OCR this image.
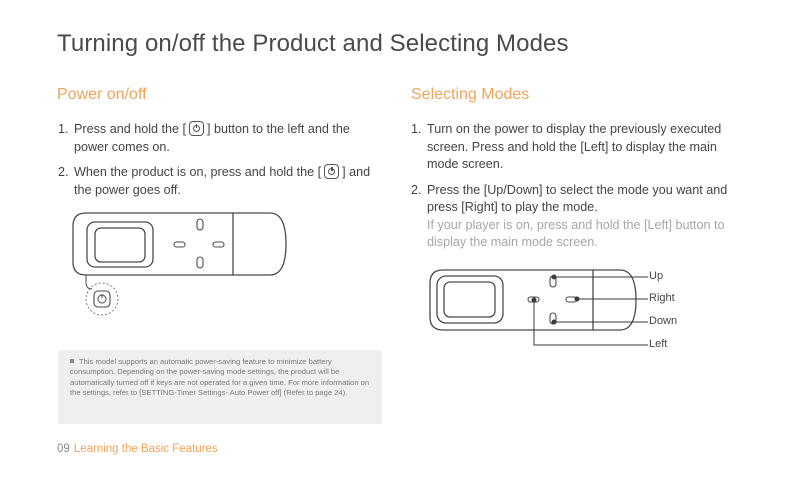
Turning on/off the Product and Selecting Modes
Power on/off	Selecting Modes
1. Press and hold the [ ] button to the left and the power comes on.
2. When the product is on, press and hold the [ ] and the power goes off.
1. Turn on the power to display the previously executed screen. Press and hold the [Left] to display the main mode screen.
2. Press the [Up/Down] to select the mode you want and press [Right] to play the mode.
If your player is on, press and hold the [Left] button to display the main mode screen.
Up
Right
Down
Left
This model supports an automatic power-saving feature to minimize battery consumption. Depending on the power-saving mode settings, the product will be automatically turned off if keys are not operated for a given time. For more information on the settings, refer to [SETTING-Timer Settings- Auto Power off] (Refer to page 24).
09 Learning the Basic Features
